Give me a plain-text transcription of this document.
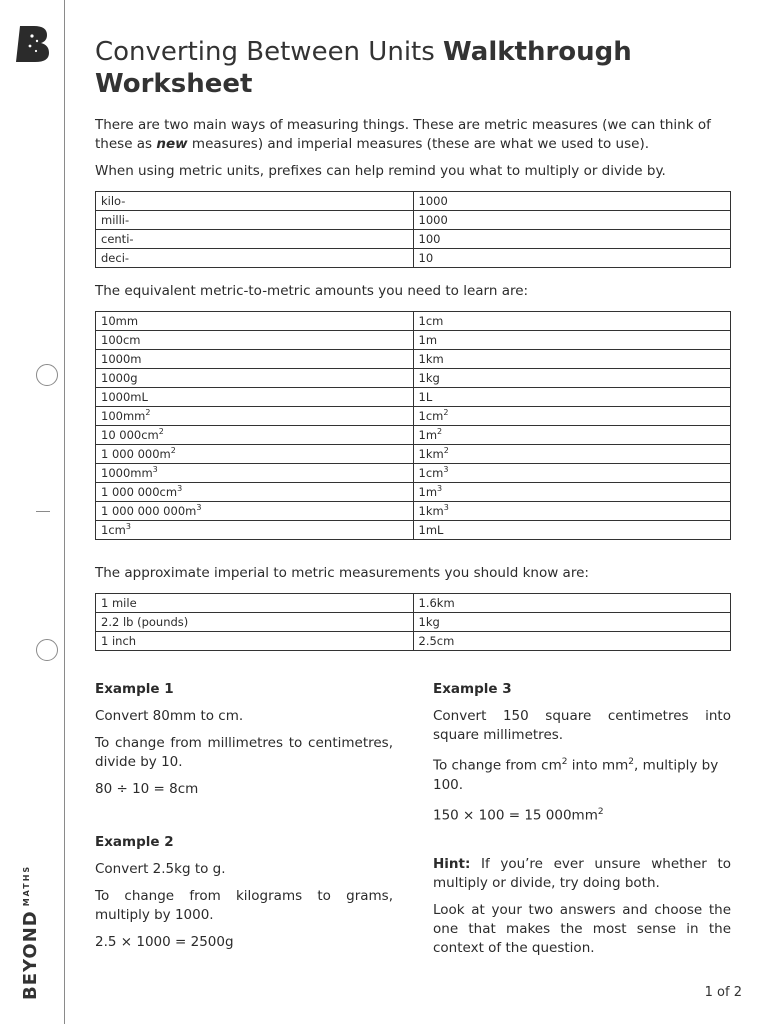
$BEYOND^{MATHS}$
Converting Between Units Walkthrough Worksheet

There are two main ways of measuring things. These are metric measures (we can think of these as new measures) and imperial measures (these are what we used to use).

When using metric units, prefixes can help remind you what to multiply or divide by.

kilo-	1000
milli-	1000
centi-	100
deci-	10

The equivalent metric-to-metric amounts you need to learn are:

10mm	1cm
100cm	1m
1000m	1km
1000g	1kg
1000mL	1L
$100mm^2$	$1cm^2$
10 $000cm^2$	$1m^2$
1 000 $000m^2$	$1km^2$
$1000mm^3$	$1cm^3$
1 000 $000cm^3$	$1m^3$
1 000 000 $000m^3$	$1km^3$
$1cm^3$	1mL

The approximate imperial to metric measurements you should know are:

1 mile	1.6km
2.2 lb (pounds)	1kg
1 inch	2.5cm

Example 1

Convert 80mm to cm.

To change from millimetres to centimetres, divide by 10.

80 ÷ 10 = 8cm

Example 2

Convert 2.5kg to g.

To change from kilograms to grams, multiply by 1000.

2.5 × 1000 = 2500g

Example 3

Convert 150 square centimetres into square millimetres.

To change from $cm^2$ into $mm^2$, multiply by 100.

150 × 100 = 15 $000mm^2$

Hint: If you’re ever unsure whether to multiply or divide, try doing both.

Look at your two answers and choose the one that makes the most sense in the context of the question.

1 of 2
